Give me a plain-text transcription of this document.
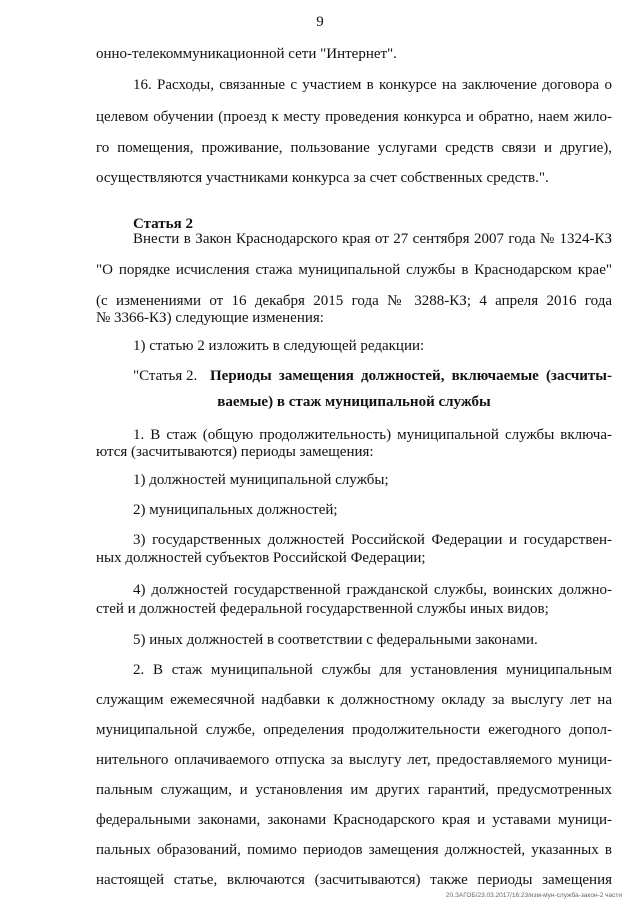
9
онно-телекоммуникационной сети "Интернет".
16. Расходы, связанные с участием в конкурсе на заключение договора о
целевом обучении (проезд к месту проведения конкурса и обратно, наем жило-
го помещения, проживание, пользование услугами средств связи и другие),
осуществляются участниками конкурса за счет собственных средств.".
Статья 2
Внести в Закон Краснодарского края от 27 сентября 2007 года № 1324-КЗ
"О порядке исчисления стажа муниципальной службы в Краснодарском крае"
(с изменениями от 16 декабря 2015 года № 3288-КЗ; 4 апреля 2016 года
№ 3366-КЗ) следующие изменения:
1) статью 2 изложить в следующей редакции:
"Статья 2. Периоды замещения должностей, включаемые (засчиты-
ваемые) в стаж муниципальной службы
1. В стаж (общую продолжительность) муниципальной службы включа-
ются (засчитываются) периоды замещения:
1) должностей муниципальной службы;
2) муниципальных должностей;
3) государственных должностей Российской Федерации и государствен-
ных должностей субъектов Российской Федерации;
4) должностей государственной гражданской службы, воинских должно-
стей и должностей федеральной государственной службы иных видов;
5) иных должностей в соответствии с федеральными законами.
2. В стаж муниципальной службы для установления муниципальным
служащим ежемесячной надбавки к должностному окладу за выслугу лет на
муниципальной службе, определения продолжительности ежегодного допол-
нительного оплачиваемого отпуска за выслугу лет, предоставляемого муници-
пальным служащим, и установления им других гарантий, предусмотренных
федеральными законами, законами Краснодарского края и уставами муници-
пальных образований, помимо периодов замещения должностей, указанных в
настоящей статье, включаются (засчитываются) также периоды замещения
20.ЗАГОБ/23.03.2017/16:23/изм-мун-служба-закон-2 части
